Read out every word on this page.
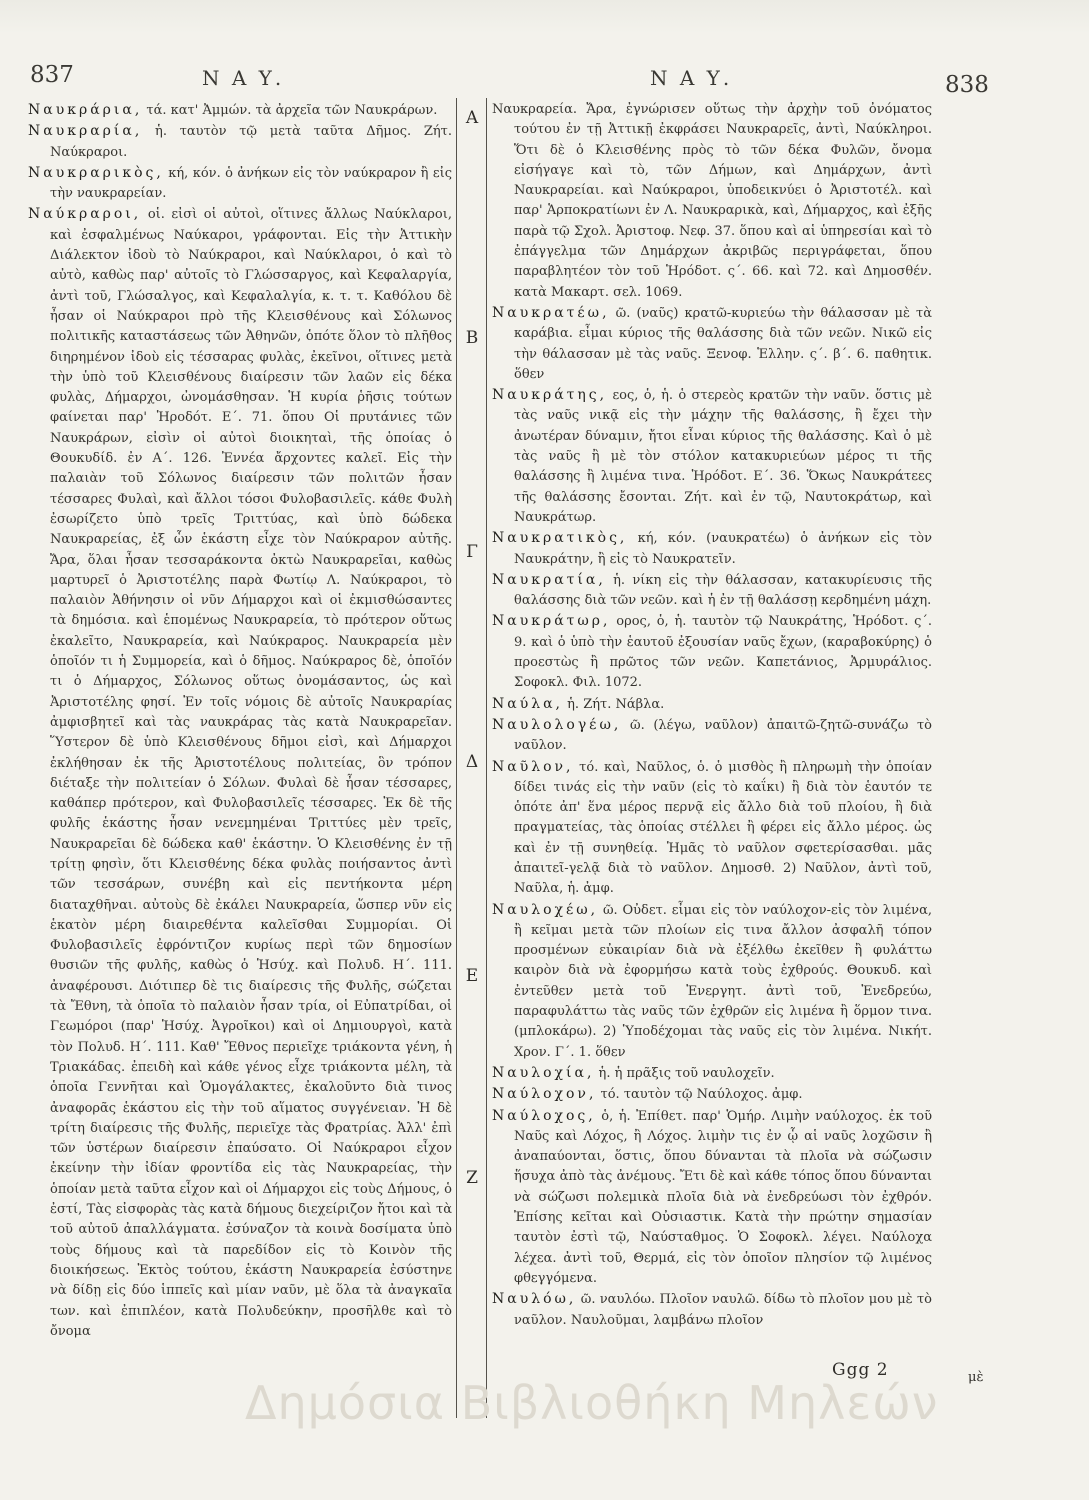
837	Ν Α Υ.	Ν Α Υ.	838

Ναυκράρια, τά. κατ' Ἀμμών. τὰ ἀρχεῖα τῶν Ναυκράρων.

Ναυκραρία, ἡ. ταυτὸν τῷ μετὰ ταῦτα Δῆμος. Ζήτ. Ναύκραροι.

Ναυκραρικὸς, κή, κόν. ὁ ἀνήκων εἰς τὸν ναύκραρον ἢ εἰς τὴν ναυκραρείαν.

Ναύκραροι, οἱ. εἰσὶ οἱ αὐτοὶ, οἵτινες ἄλλως Ναύκλαροι, καὶ ἐσφαλμένως Ναύκαροι, γράφονται. Εἰς τὴν Ἀττικὴν Διάλεκτον ἰδοὺ τὸ Ναύκραροι, καὶ Ναύκλαροι, ὁ καὶ τὸ αὐτὸ, καθὼς παρ' αὐτοῖς τὸ Γλώσσαργος, καὶ Κεφαλαργία, ἀντὶ τοῦ, Γλώσαλγος, καὶ Κεφαλαλγία, κ. τ. τ. Καθόλου δὲ ἦσαν οἱ Ναύκραροι πρὸ τῆς Κλεισθένους καὶ Σόλωνος πολιτικῆς καταστάσεως τῶν Ἀθηνῶν, ὁπότε ὅλον τὸ πλῆθος διηρημένον ἰδοὺ εἰς τέσσαρας φυλὰς, ἐκεῖνοι, οἵτινες μετὰ τὴν ὑπὸ τοῦ Κλεισθένους διαίρεσιν τῶν λαῶν εἰς δέκα φυλὰς, Δήμαρχοι, ὠνομάσθησαν. Ἡ κυρία ῥῆσις τούτων φαίνεται παρ' Ἡροδότ. Ε΄. 71. ὅπου Οἱ πρυτάνιες τῶν Ναυκράρων, εἰσὶν οἱ αὐτοὶ διοικηταὶ, τῆς ὁποίας ὁ Θουκυδίδ. ἐν Α΄. 126. Ἐννέα ἄρχοντες καλεῖ. Εἰς τὴν παλαιὰν τοῦ Σόλωνος διαίρεσιν τῶν πολιτῶν ἦσαν τέσσαρες Φυλαὶ, καὶ ἄλλοι τόσοι Φυλοβασιλεῖς. κάθε Φυλὴ ἐσωρίζετο ὑπὸ τρεῖς Τριττύας, καὶ ὑπὸ δώδεκα Ναυκραρείας, ἐξ ὧν ἑκάστη εἶχε τὸν Ναύκραρον αὐτῆς. Ἄρα, ὅλαι ἦσαν τεσσαράκοντα ὀκτὼ Ναυκραρεῖαι, καθὼς μαρτυρεῖ ὁ Ἀριστοτέλης παρὰ Φωτίῳ Λ. Ναύκραροι, τὸ παλαιὸν Ἀθήνησιν οἱ νῦν Δήμαρχοι καὶ οἱ ἐκμισθώσαντες τὰ δημόσια. καὶ ἑπομένως Ναυκραρεία, τὸ πρότερον οὕτως ἐκαλεῖτο, Ναυκραρεία, καὶ Ναύκραρος. Ναυκραρεία μὲν ὁποῖόν τι ἡ Συμμορεία, καὶ ὁ δῆμος. Ναύκραρος δὲ, ὁποῖόν τι ὁ Δήμαρχος, Σόλωνος οὕτως ὀνομάσαντος, ὡς καὶ Ἀριστοτέλης φησί. Ἐν τοῖς νόμοις δὲ αὐτοῖς Ναυκραρίας ἀμφισβητεῖ καὶ τὰς ναυκράρας τὰς κατὰ Ναυκραρεῖαν. Ὕστερον δὲ ὑπὸ Κλεισθένους δῆμοι εἰσὶ, καὶ Δήμαρχοι ἐκλήθησαν ἐκ τῆς Ἀριστοτέλους πολιτείας, ὃν τρόπον διέταξε τὴν πολιτείαν ὁ Σόλων. Φυλαὶ δὲ ἦσαν τέσσαρες, καθάπερ πρότερον, καὶ Φυλοβασιλεῖς τέσσαρες. Ἐκ δὲ τῆς φυλῆς ἑκάστης ἦσαν νενεμημέναι Τριττύες μὲν τρεῖς, Ναυκραρεῖαι δὲ δώδεκα καθ' ἑκάστην. Ὁ Κλεισθένης ἐν τῇ τρίτῃ φησὶν, ὅτι Κλεισθένης δέκα φυλὰς ποιήσαντος ἀντὶ τῶν τεσσάρων, συνέβη καὶ εἰς πεντήκοντα μέρη διαταχθῆναι. αὐτοὺς δὲ ἐκάλει Ναυκραρεία, ὥσπερ νῦν εἰς ἑκατὸν μέρη διαιρεθέντα καλεῖσθαι Συμμορίαι. Οἱ Φυλοβασιλεῖς ἐφρόντιζον κυρίως περὶ τῶν δημοσίων θυσιῶν τῆς φυλῆς, καθὼς ὁ Ἡσύχ. καὶ Πολυδ. Η΄. 111. ἀναφέρουσι. Διότιπερ δὲ τις διαίρεσις τῆς Φυλῆς, σώζεται τὰ Ἔθνη, τὰ ὁποῖα τὸ παλαιὸν ἦσαν τρία, οἱ Εὐπατρίδαι, οἱ Γεωμόροι (παρ' Ἡσύχ. Ἀγροῖκοι) καὶ οἱ Δημιουργοὶ, κατὰ τὸν Πολυδ. Η΄. 111. Καθ' Ἔθνος περιεῖχε τριάκοντα γένη, ἡ Τριακάδας. ἐπειδὴ καὶ κάθε γένος εἶχε τριάκοντα μέλη, τὰ ὁποῖα Γεννῆται καὶ Ὁμογάλακτες, ἐκαλοῦντο διὰ τινος ἀναφορᾶς ἑκάστου εἰς τὴν τοῦ αἵματος συγγένειαν. Ἡ δὲ τρίτη διαίρεσις τῆς Φυλῆς, περιεῖχε τὰς Φρατρίας. Ἀλλ' ἐπὶ τῶν ὑστέρων διαίρεσιν ἐπαύσατο. Οἱ Ναύκραροι εἶχον ἐκείνην τὴν ἰδίαν φροντίδα εἰς τὰς Ναυκραρείας, τὴν ὁποίαν μετὰ ταῦτα εἶχον καὶ οἱ Δήμαρχοι εἰς τοὺς Δήμους, ὁ ἐστί, Τὰς εἰσφορὰς τὰς κατὰ δήμους διεχείριζον ἤτοι καὶ τὰ τοῦ αὐτοῦ ἀπαλλάγματα. ἐσύναζον τὰ κοινὰ δοσίματα ὑπὸ τοὺς δήμους καὶ τὰ παρεδίδον εἰς τὸ Κοινὸν τῆς διοικήσεως. Ἐκτὸς τούτου, ἑκάστη Ναυκραρεία ἐσύστηνε νὰ δίδῃ εἰς δύο ἱππεῖς καὶ μίαν ναῦν, μὲ ὅλα τὰ ἀναγκαῖα των. καὶ ἐπιπλέον, κατὰ Πολυδεύκην, προσῆλθε καὶ τὸ ὄνομα

Ναυκραρεία. Ἄρα, ἐγνώρισεν οὕτως τὴν ἀρχὴν τοῦ ὀνόματος τούτου ἐν τῇ Ἀττικῇ ἐκφράσει Ναυκραρεῖς, ἀντὶ, Ναύκληροι. Ὅτι δὲ ὁ Κλεισθένης πρὸς τὸ τῶν δέκα Φυλῶν, ὄνομα εἰσήγαγε καὶ τὸ, τῶν Δήμων, καὶ Δημάρχων, ἀντὶ Ναυκραρείαι. καὶ Ναύκραροι, ὑποδεικνύει ὁ Ἀριστοτέλ. καὶ παρ' Ἁρποκρατίωνι ἐν Λ. Ναυκραρικὰ, καὶ, Δήμαρχος, καὶ ἐξῆς παρὰ τῷ Σχολ. Ἀριστοφ. Νεφ. 37. ὅπου καὶ αἱ ὑπηρεσίαι καὶ τὸ ἐπάγγελμα τῶν Δημάρχων ἀκριβῶς περιγράφεται, ὅπου παραβλητέον τὸν τοῦ Ἡρόδοτ. ς΄. 66. καὶ 72. καὶ Δημοσθέν. κατὰ Μακαρτ. σελ. 1069.

Ναυκρατέω, ῶ. (ναῦς) κρατῶ-κυριεύω τὴν θάλασσαν μὲ τὰ καράβια. εἶμαι κύριος τῆς θαλάσσης διὰ τῶν νεῶν. Νικῶ εἰς τὴν θάλασσαν μὲ τὰς ναῦς. Ξενοφ. Ἑλλην. ς΄. β΄. 6. παθητικ. ὅθεν

Ναυκράτης, εος, ὁ, ἡ. ὁ στερεὸς κρατῶν τὴν ναῦν. ὅστις μὲ τὰς ναῦς νικᾷ εἰς τὴν μάχην τῆς θαλάσσης, ἢ ἔχει τὴν ἀνωτέραν δύναμιν, ἤτοι εἶναι κύριος τῆς θαλάσσης. Καὶ ὁ μὲ τὰς ναῦς ἢ μὲ τὸν στόλον κατακυριεύων μέρος τι τῆς θαλάσσης ἢ λιμένα τινα. Ἡρόδοτ. Ε΄. 36. Ὅκως Ναυκράτεες τῆς θαλάσσης ἔσονται. Ζήτ. καὶ ἐν τῷ, Ναυτοκράτωρ, καὶ Ναυκράτωρ.

Ναυκρατικὸς, κή, κόν. (ναυκρατέω) ὁ ἀνήκων εἰς τὸν Ναυκράτην, ἢ εἰς τὸ Ναυκρατεῖν.

Ναυκρατία, ἡ. νίκη εἰς τὴν θάλασσαν, κατακυρίευσις τῆς θαλάσσης διὰ τῶν νεῶν. καὶ ἡ ἐν τῇ θαλάσσῃ κερδημένη μάχη.

Ναυκράτωρ, ορος, ὁ, ἡ. ταυτὸν τῷ Ναυκράτης, Ἡρόδοτ. ς΄. 9. καὶ ὁ ὑπὸ τὴν ἑαυτοῦ ἐξουσίαν ναῦς ἔχων, (καραβοκύρης) ὁ προεστὼς ἢ πρῶτος τῶν νεῶν. Καπετάνιος, Ἀρμυράλιος. Σοφοκλ. Φιλ. 1072.

Ναύλα, ἡ. Ζήτ. Νάβλα.

Ναυλολογέω, ῶ. (λέγω, ναῦλον) ἀπαιτῶ-ζητῶ-συνάζω τὸ ναῦλον.

Ναῦλον, τό. καὶ, Ναῦλος, ὁ. ὁ μισθὸς ἢ πληρωμὴ τὴν ὁποίαν δίδει τινάς εἰς τὴν ναῦν (εἰς τὸ καΐκι) ἢ διὰ τὸν ἑαυτόν τε ὁπότε ἀπ' ἕνα μέρος περνᾷ εἰς ἄλλο διὰ τοῦ πλοίου, ἢ διὰ πραγματείας, τὰς ὁποίας στέλλει ἢ φέρει εἰς ἄλλο μέρος. ὡς καὶ ἐν τῇ συνηθείᾳ. Ἡμᾶς τὸ ναῦλον σφετερίσασθαι. μᾶς ἀπαιτεῖ-γελᾷ διὰ τὸ ναῦλον. Δημοσθ. 2) Ναῦλον, ἀντὶ τοῦ, Ναῦλα, ἡ. ἀμφ.

Ναυλοχέω, ῶ. Οὐδετ. εἶμαι εἰς τὸν ναύλοχον-εἰς τὸν λιμένα, ἢ κεῖμαι μετὰ τῶν πλοίων εἰς τινα ἄλλον ἀσφαλῆ τόπον προσμένων εὐκαιρίαν διὰ νὰ ἐξέλθω ἐκεῖθεν ἢ φυλάττω καιρὸν διὰ νὰ ἐφορμήσω κατὰ τοὺς ἐχθρούς. Θουκυδ. καὶ ἐντεῦθεν μετὰ τοῦ Ἐνεργητ. ἀντὶ τοῦ, Ἐνεδρεύω, παραφυλάττω τὰς ναῦς τῶν ἐχθρῶν εἰς λιμένα ἢ ὅρμον τινα. (μπλοκάρω). 2) Ὑποδέχομαι τὰς ναῦς εἰς τὸν λιμένα. Νικήτ. Χρον. Γ΄. 1. ὅθεν

Ναυλοχία, ἡ. ἡ πρᾶξις τοῦ ναυλοχεῖν.

Ναύλοχον, τό. ταυτὸν τῷ Ναύλοχος. ἀμφ.

Ναύλοχος, ὁ, ἡ. Ἐπίθετ. παρ' Ὁμήρ. Λιμὴν ναύλοχος. ἐκ τοῦ Ναῦς καὶ Λόχος, ἢ Λόχος. λιμὴν τις ἐν ᾧ αἱ ναῦς λοχῶσιν ἢ ἀναπαύονται, ὅστις, ὅπου δύνανται τὰ πλοῖα νὰ σώζωσιν ἥσυχα ἀπὸ τὰς ἀνέμους. Ἔτι δὲ καὶ κάθε τόπος ὅπου δύνανται νὰ σώζωσι πολεμικὰ πλοῖα διὰ νὰ ἐνεδρεύωσι τὸν ἐχθρόν. Ἐπίσης κεῖται καὶ Οὐσιαστικ. Κατὰ τὴν πρώτην σημασίαν ταυτὸν ἐστὶ τῷ, Ναύσταθμος. Ὁ Σοφοκλ. λέγει. Ναύλοχα λέχεα. ἀντὶ τοῦ, Θερμά, εἰς τὸν ὁποῖον πλησίον τῷ λιμένος φθεγγόμενα.

Ναυλόω, ῶ. ναυλόω. Πλοῖον ναυλῶ. δίδω τὸ πλοῖον μου μὲ τὸ ναῦλον. Ναυλοῦμαι, λαμβάνω πλοῖον

A
B
Γ
Δ
E
Z
Δημόσια Βιβλιοθήκη Μηλεών
Ggg 2	μὲ
